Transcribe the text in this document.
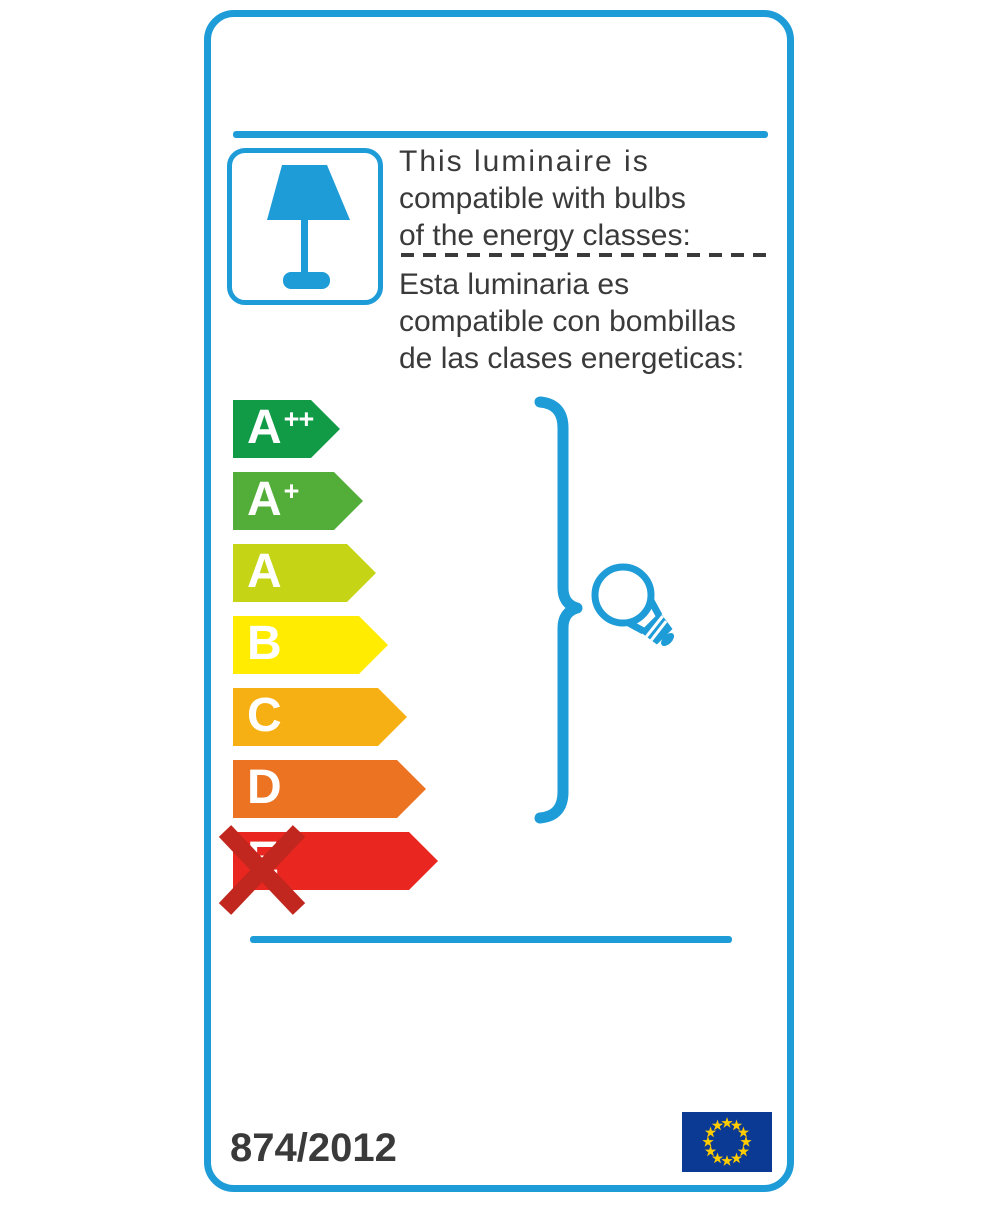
This luminaire is
compatible with bulbs
of the energy classes:
Esta luminaria es
compatible con bombillas
de las clases energeticas:
A++
A+
A
B
C
D
874/2012
